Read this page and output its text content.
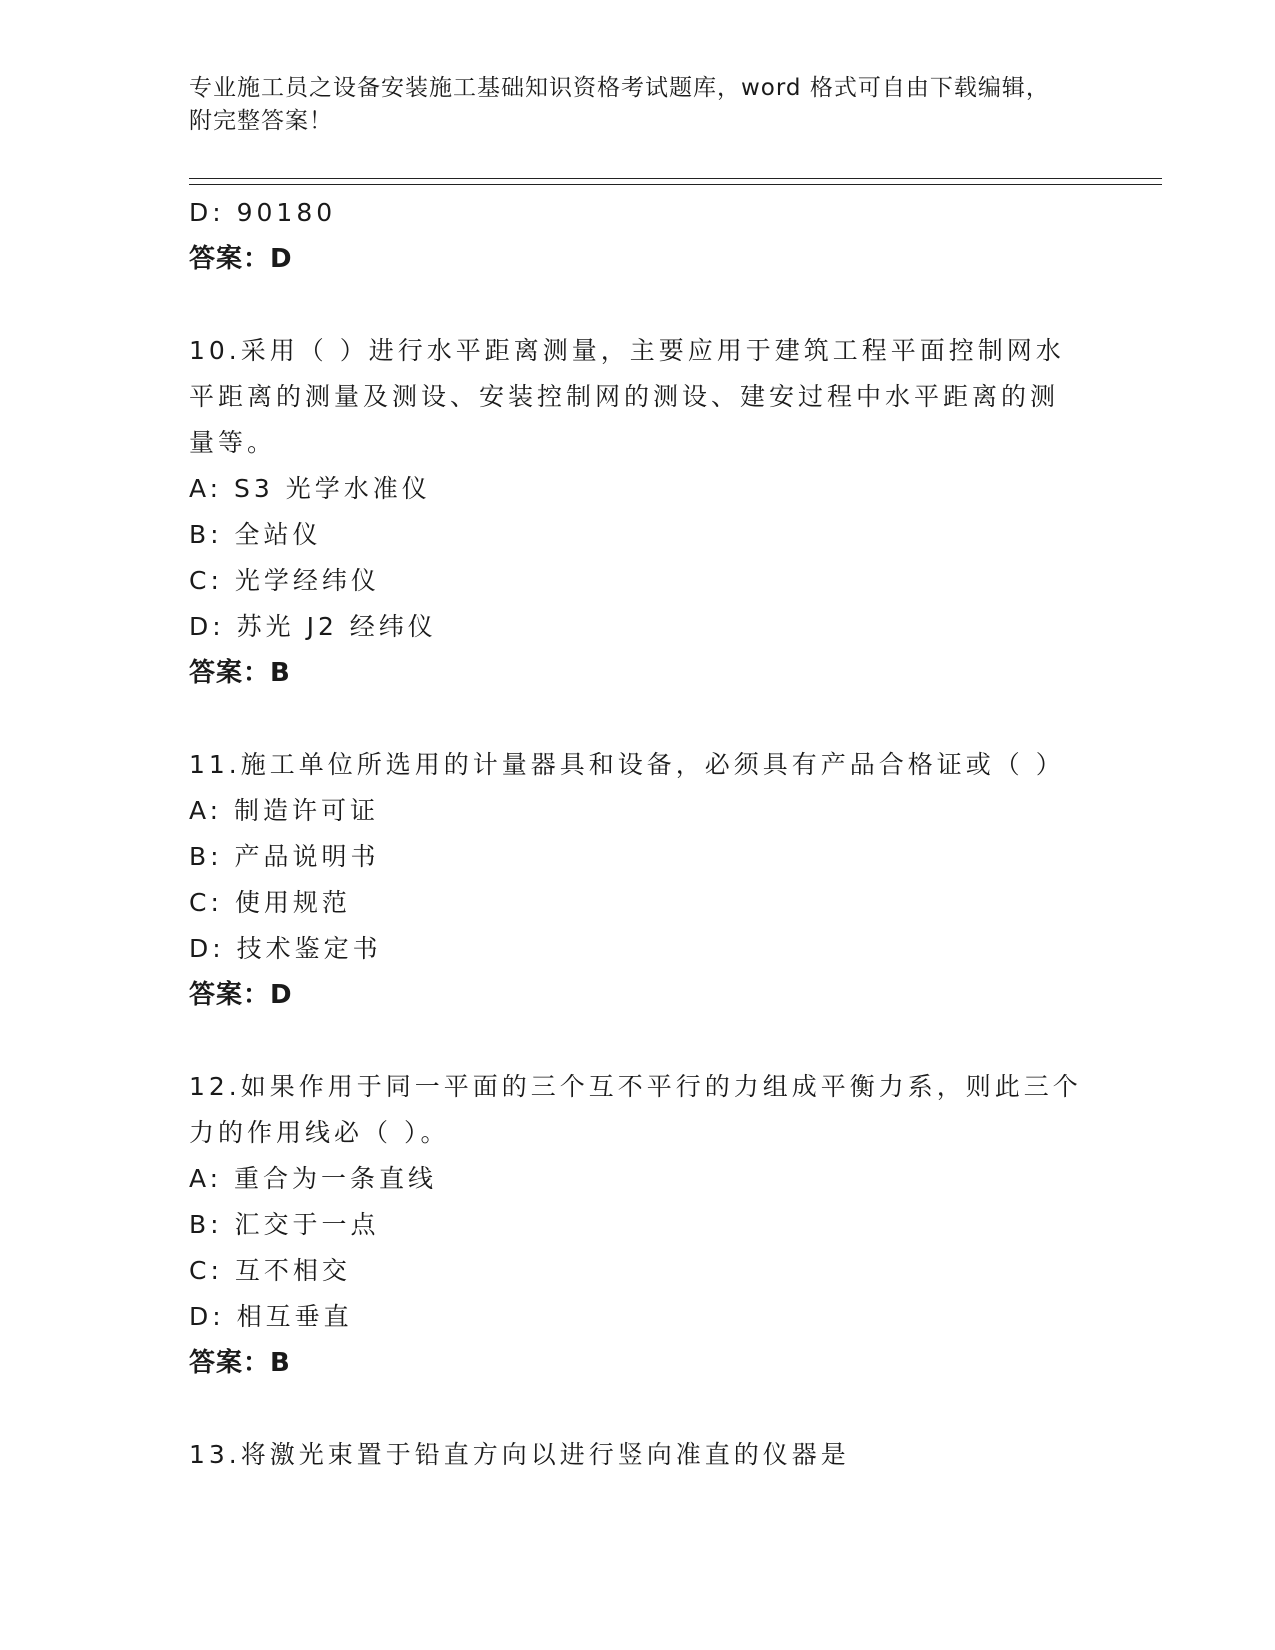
专业施工员之设备安装施工基础知识资格考试题库，word 格式可自由下载编辑，
附完整答案！
D: 90180
答案：D
10.采用（ ）进行水平距离测量，主要应用于建筑工程平面控制网水
平距离的测量及测设、安装控制网的测设、建安过程中水平距离的测
量等。
A: S3 光学水准仪
B: 全站仪
C: 光学经纬仪
D: 苏光 J2 经纬仪
答案：B
11.施工单位所选用的计量器具和设备，必须具有产品合格证或（ ）
A: 制造许可证
B: 产品说明书
C: 使用规范
D: 技术鉴定书
答案：D
12.如果作用于同一平面的三个互不平行的力组成平衡力系，则此三个
力的作用线必（ ）。
A: 重合为一条直线
B: 汇交于一点
C: 互不相交
D: 相互垂直
答案：B
13.将激光束置于铅直方向以进行竖向准直的仪器是
